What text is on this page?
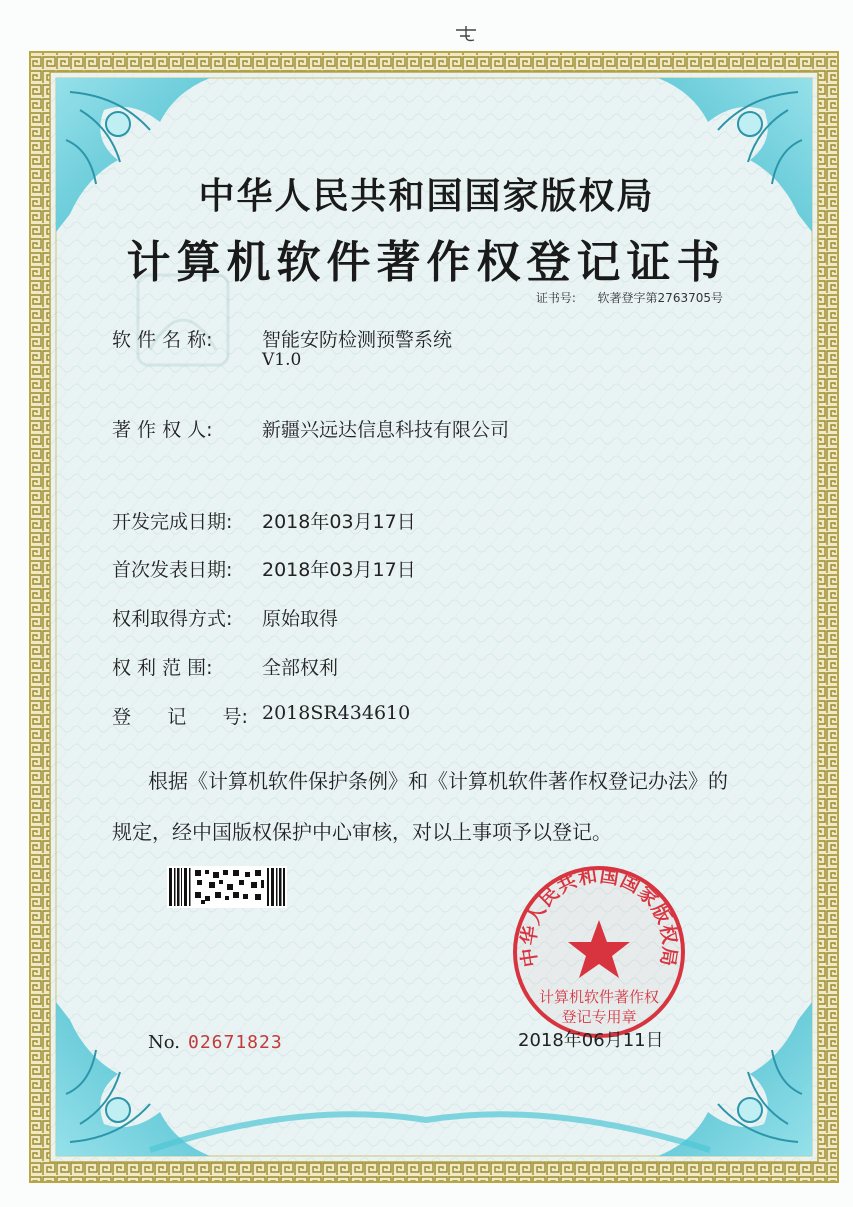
中华人民共和国国家版权局
计算机软件著作权登记证书
证书号: 软著登字第2763705号
软 件 名 称:	智能安防检测预警系统
V1.0
著 作 权 人:	新疆兴远达信息科技有限公司
开发完成日期: 2018年03月17日
首次发表日期: 2018年03月17日
权利取得方式: 原始取得
权 利 范 围:	全部权利
登      记      号: 2018SR434610
根据《计算机软件保护条例》和《计算机软件著作权登记办法》的
规定，经中国版权保护中心审核，对以上事项予以登记。
中华人民共和国国家版权局
计算机软件著作权
登记专用章
No. 02671823	2018年06月11日
